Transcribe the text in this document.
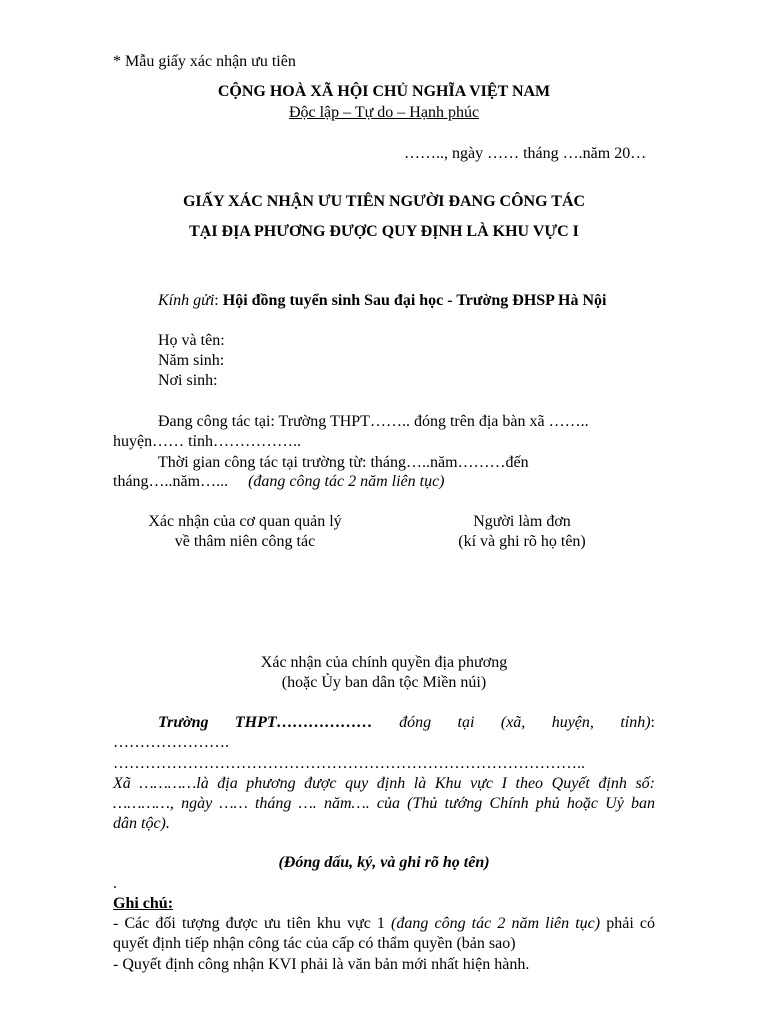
* Mẫu giấy xác nhận ưu tiên
CỘNG HOÀ XÃ HỘI CHỦ NGHĨA VIỆT NAM
Độc lập – Tự do – Hạnh phúc
…….., ngày …… tháng ….năm 20…
GIẤY XÁC NHẬN ƯU TIÊN NGƯỜI ĐANG CÔNG TÁC
TẠI ĐỊA PHƯƠNG ĐƯỢC QUY ĐỊNH LÀ KHU VỰC I
Kính gửi: Hội đồng tuyển sinh Sau đại học - Trường ĐHSP Hà Nội
Họ và tên:
Năm sinh:
Nơi sinh:
Đang công tác tại: Trường THPT…….. đóng trên địa bàn xã ……..
huyện…… tỉnh……………..
Thời gian công tác tại trường từ: tháng…..năm………đến
tháng…..năm…... (đang công tác 2 năm liên tục)
Xác nhận của cơ quan quản lý
về thâm niên công tác
Người làm đơn
(kí và ghi rõ họ tên)
Xác nhận của chính quyền địa phương
(hoặc Ủy ban dân tộc Miền núi)
Trường THPT……………… đóng tại (xã, huyện, tỉnh):
………………….
……………………………………………………………………………..
Xã …………là địa phương được quy định là Khu vực I theo Quyết định số:
…………, ngày …… tháng …. năm…. của (Thủ tướng Chính phủ hoặc Uỷ ban
dân tộc).
(Đóng dấu, ký, và ghi rõ họ tên)
.
Ghi chú:
- Các đối tượng được ưu tiên khu vực 1 (đang công tác 2 năm liên tục) phải có
quyết định tiếp nhận công tác của cấp có thẩm quyền (bản sao)
- Quyết định công nhận KVI phải là văn bản mới nhất hiện hành.
